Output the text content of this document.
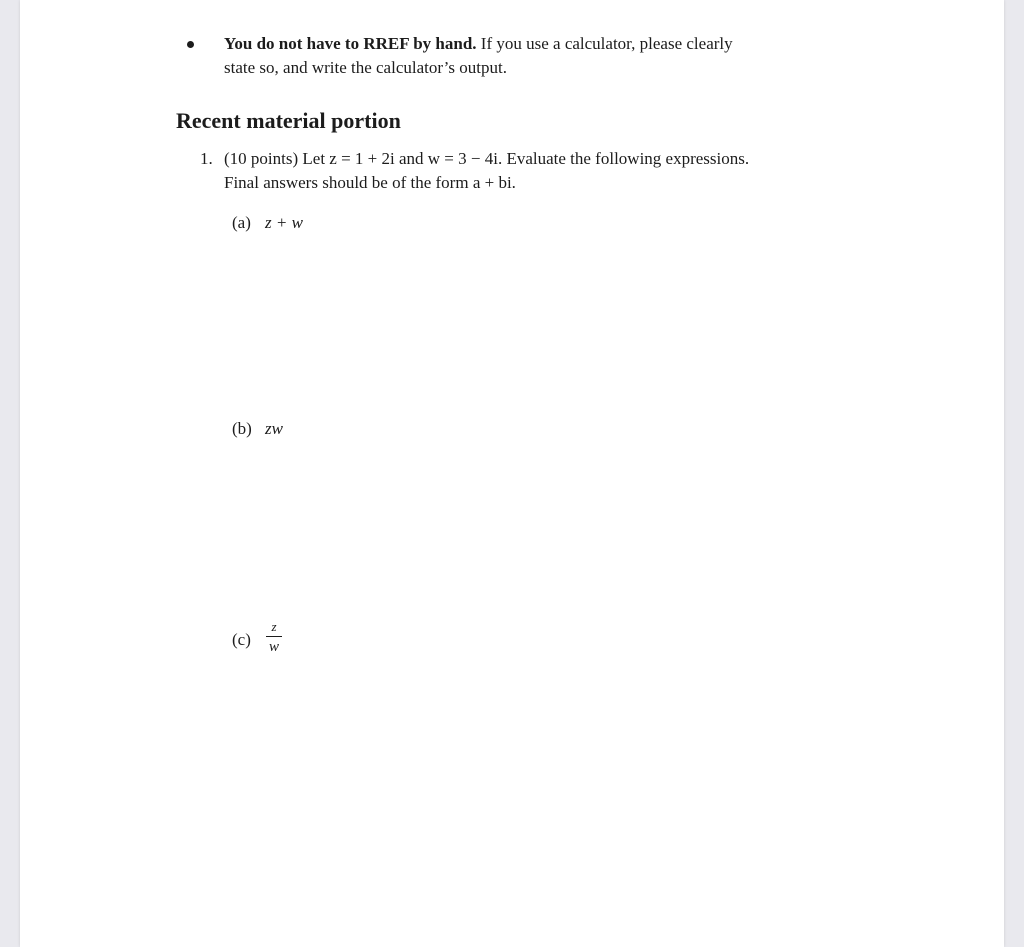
You do not have to RREF by hand. If you use a calculator, please clearly
state so, and write the calculator’s output.
Recent material portion
1. (10 points) Let z = 1 + 2i and w = 3 − 4i. Evaluate the following expressions.
Final answers should be of the form a + bi.
(a) z + w
(b) zw
(c)
z
w
